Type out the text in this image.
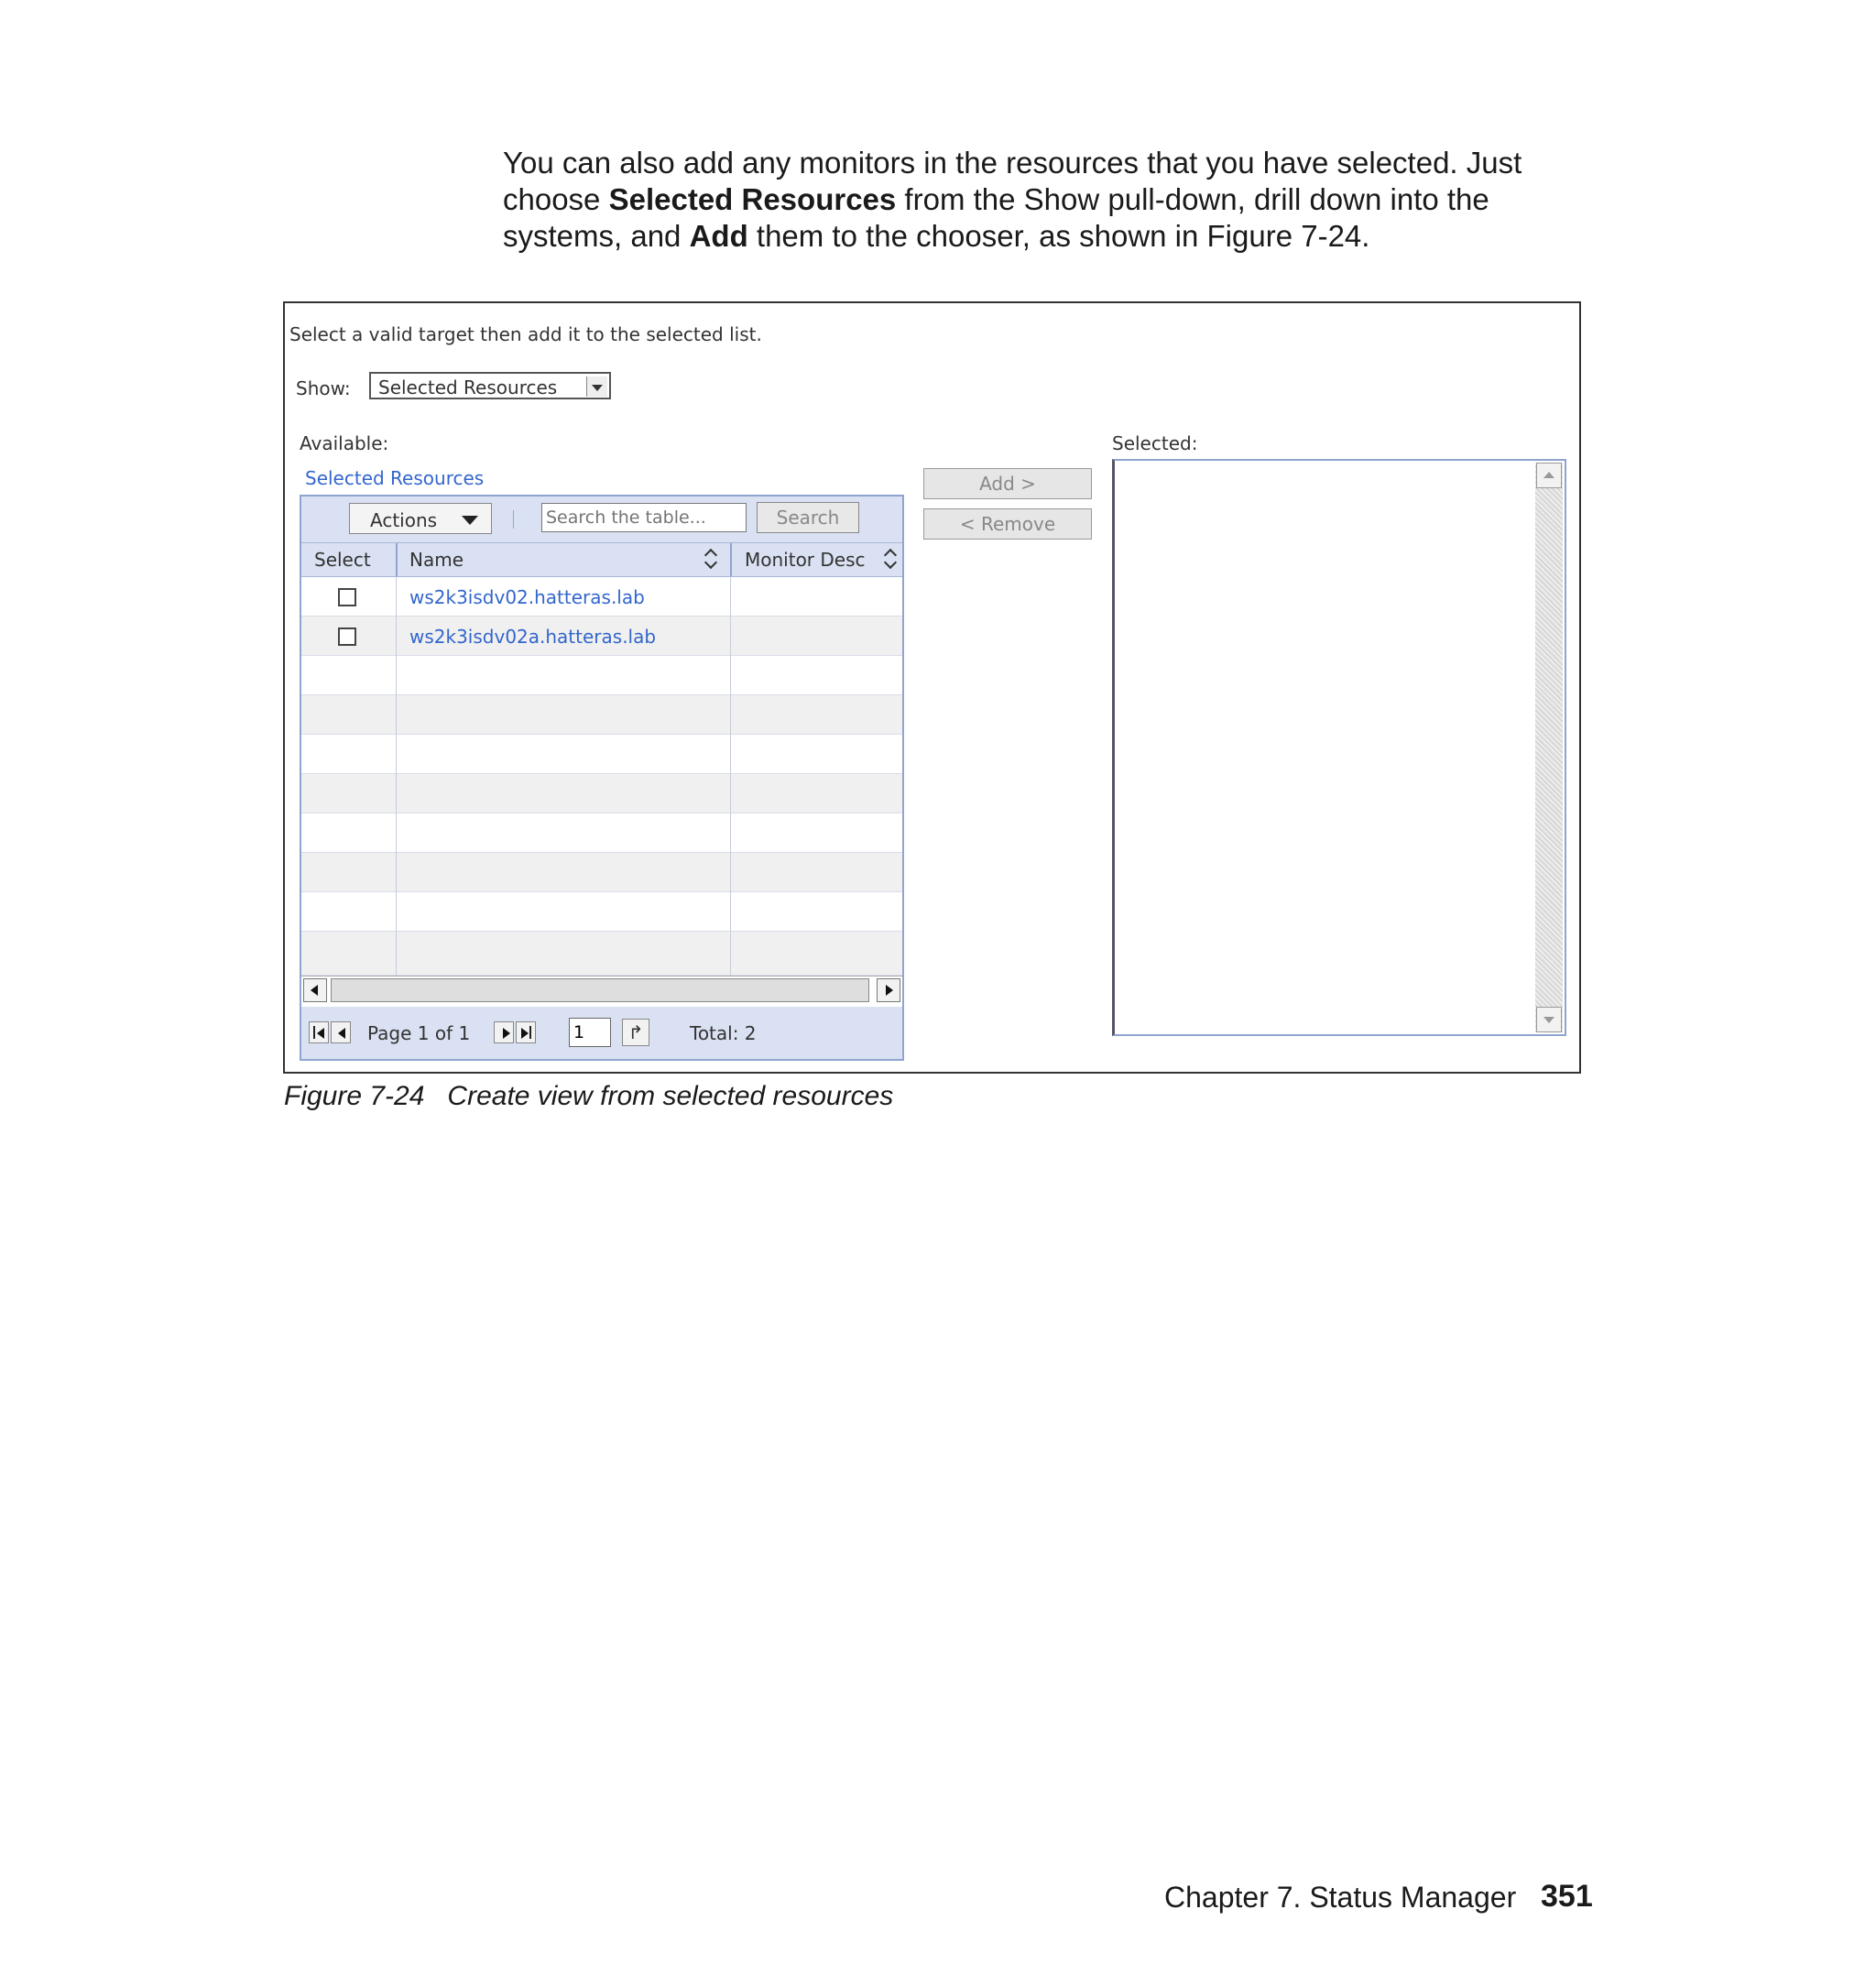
You can also add any monitors in the resources that you have selected. Just
choose Selected Resources from the Show pull-down, drill down into the
systems, and Add them to the chooser, as shown in Figure 7-24.
Select a valid target then add it to the selected list.
Show: Selected Resources
Available:
Selected Resources
Actions
Search the table...	Search
Select Name	Monitor Desc
ws2k3isdv02.hatteras.lab
ws2k3isdv02a.hatteras.lab
Page 1 of 1
1	↱	Total: 2
Add >
< Remove
Selected:
Figure 7-24   Create view from selected resources
Chapter 7. Status Manager 351
